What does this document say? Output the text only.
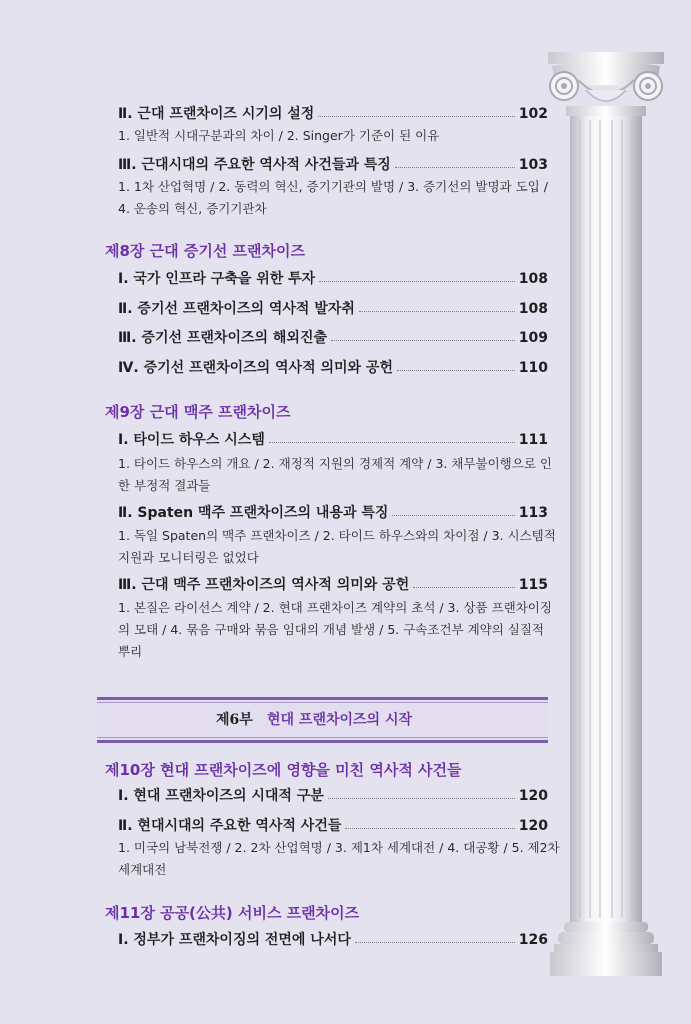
102
Ⅱ. 근대 프랜차이즈 시기의 설정
1. 일반적 시대구분과의 차이 / 2. Singer가 기준이 된 이유
103
Ⅲ. 근대시대의 주요한 역사적 사건들과 특징
1. 1차 산업혁명 / 2. 동력의 혁신, 증기기관의 발명 / 3. 증기선의 발명과 도입 /
4. 운송의 혁신, 증기기관차
제8장 근대 증기선 프랜차이즈
108
Ⅰ. 국가 인프라 구축을 위한 투자
108
Ⅱ. 증기선 프랜차이즈의 역사적 발자취
109
Ⅲ. 증기선 프랜차이즈의 해외진출
110
Ⅳ. 증기선 프랜차이즈의 역사적 의미와 공헌
제9장 근대 맥주 프랜차이즈
111
Ⅰ. 타이드 하우스 시스템
1. 타이드 하우스의 개요 / 2. 재정적 지원의 경제적 계약 / 3. 채무불이행으로 인
한 부정적 결과들
113
Ⅱ. Spaten 맥주 프랜차이즈의 내용과 특징
1. 독일 Spaten의 맥주 프랜차이즈 / 2. 타이드 하우스와의 차이점 / 3. 시스템적
지원과 모니터링은 없었다
115
Ⅲ. 근대 맥주 프랜차이즈의 역사적 의미와 공헌
1. 본질은 라이선스 계약 / 2. 현대 프랜차이즈 계약의 초석 / 3. 상품 프랜차이징
의 모태 / 4. 묶음 구매와 묶음 임대의 개념 발생 / 5. 구속조건부 계약의 실질적
뿌리
제6부 현대 프랜차이즈의 시작
제10장 현대 프랜차이즈에 영향을 미친 역사적 사건들
120
Ⅰ. 현대 프랜차이즈의 시대적 구분
120
Ⅱ. 현대시대의 주요한 역사적 사건들
1. 미국의 남북전쟁 / 2. 2차 산업혁명 / 3. 제1차 세계대전 / 4. 대공황 / 5. 제2차
세계대전
제11장 공공(公共) 서비스 프랜차이즈
126
Ⅰ. 정부가 프랜차이징의 전면에 나서다
